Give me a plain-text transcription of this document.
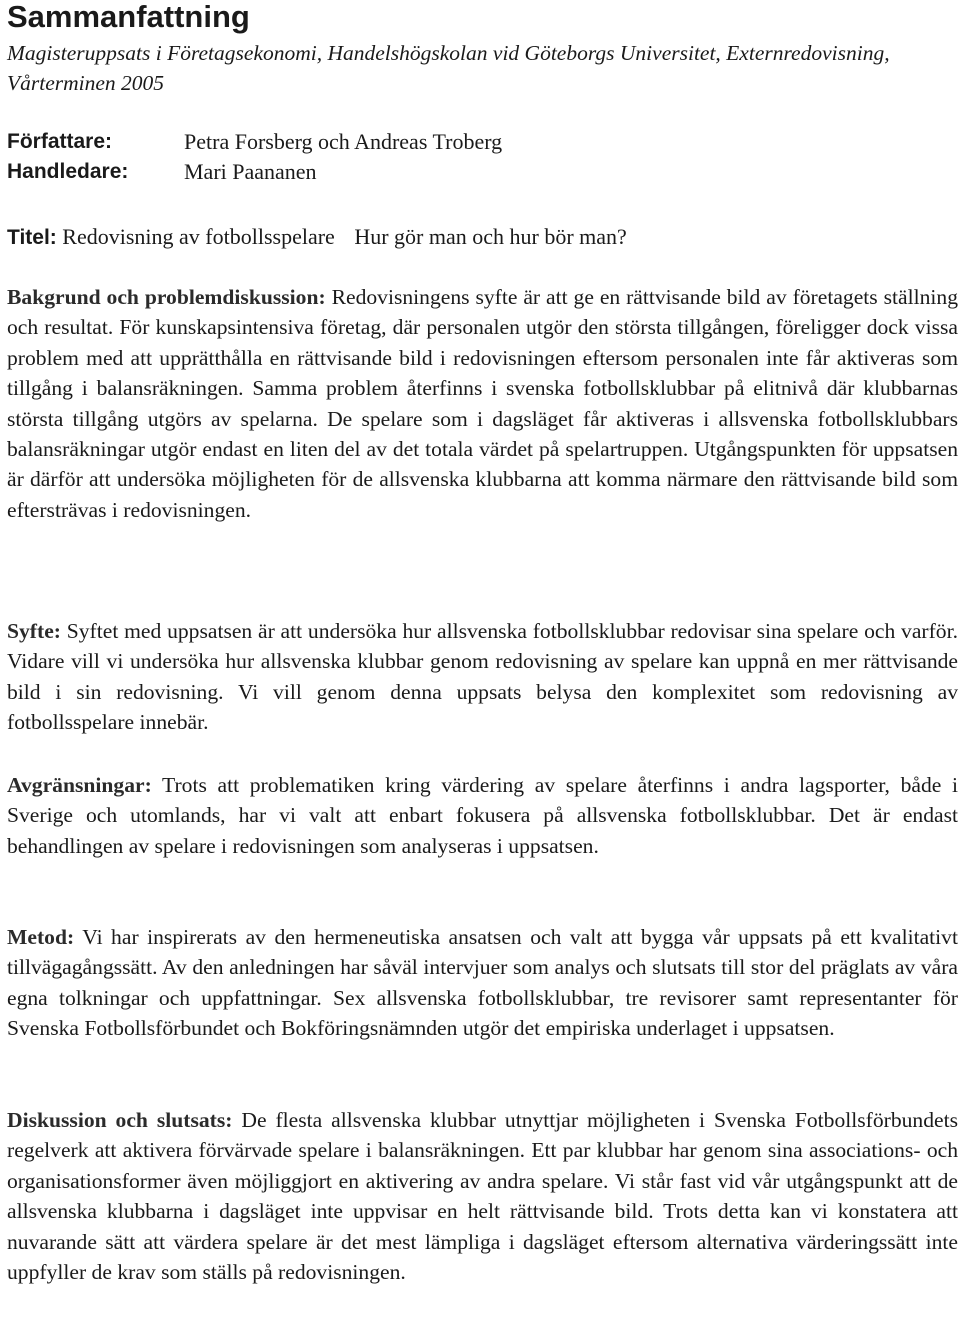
Sammanfattning
Magisteruppsats i Företagsekonomi, Handelshögskolan vid Göteborgs Universitet, Externredovisning, Vårterminen 2005
Författare:	Petra Forsberg och Andreas Troberg
Handledare:	Mari Paananen
Titel: Redovisning av fotbollsspelare Hur gör man och hur bör man?
Bakgrund och problemdiskussion: Redovisningens syfte är att ge en rättvisande bild av företagets ställning och resultat. För kunskapsintensiva företag, där personalen utgör den största tillgången, föreligger dock vissa problem med att upprätthålla en rättvisande bild i redovisningen eftersom personalen inte får aktiveras som tillgång i balansräkningen. Samma problem återfinns i svenska fotbollsklubbar på elitnivå där klubbarnas största tillgång utgörs av spelarna. De spelare som i dagsläget får aktiveras i allsvenska fotbollsklubbars balansräkningar utgör endast en liten del av det totala värdet på spelartruppen. Utgångspunkten för uppsatsen är därför att undersöka möjligheten för de allsvenska klubbarna att komma närmare den rättvisande bild som eftersträvas i redovisningen.
Syfte: Syftet med uppsatsen är att undersöka hur allsvenska fotbollsklubbar redovisar sina spelare och varför. Vidare vill vi undersöka hur allsvenska klubbar genom redovisning av spelare kan uppnå en mer rättvisande bild i sin redovisning. Vi vill genom denna uppsats belysa den komplexitet som redovisning av fotbollsspelare innebär.
Avgränsningar: Trots att problematiken kring värdering av spelare återfinns i andra lagsporter, både i Sverige och utomlands, har vi valt att enbart fokusera på allsvenska fotbollsklubbar. Det är endast behandlingen av spelare i redovisningen som analyseras i uppsatsen.
Metod: Vi har inspirerats av den hermeneutiska ansatsen och valt att bygga vår uppsats på ett kvalitativt tillvägagångssätt. Av den anledningen har såväl intervjuer som analys och slutsats till stor del präglats av våra egna tolkningar och uppfattningar. Sex allsvenska fotbollsklubbar, tre revisorer samt representanter för Svenska Fotbollsförbundet och Bokföringsnämnden utgör det empiriska underlaget i uppsatsen.
Diskussion och slutsats: De flesta allsvenska klubbar utnyttjar möjligheten i Svenska Fotbollsförbundets regelverk att aktivera förvärvade spelare i balansräkningen. Ett par klubbar har genom sina associations- och organisationsformer även möjliggjort en aktivering av andra spelare. Vi står fast vid vår utgångspunkt att de allsvenska klubbarna i dagsläget inte uppvisar en helt rättvisande bild. Trots detta kan vi konstatera att nuvarande sätt att värdera spelare är det mest lämpliga i dagsläget eftersom alternativa värderingssätt inte uppfyller de krav som ställs på redovisningen.
